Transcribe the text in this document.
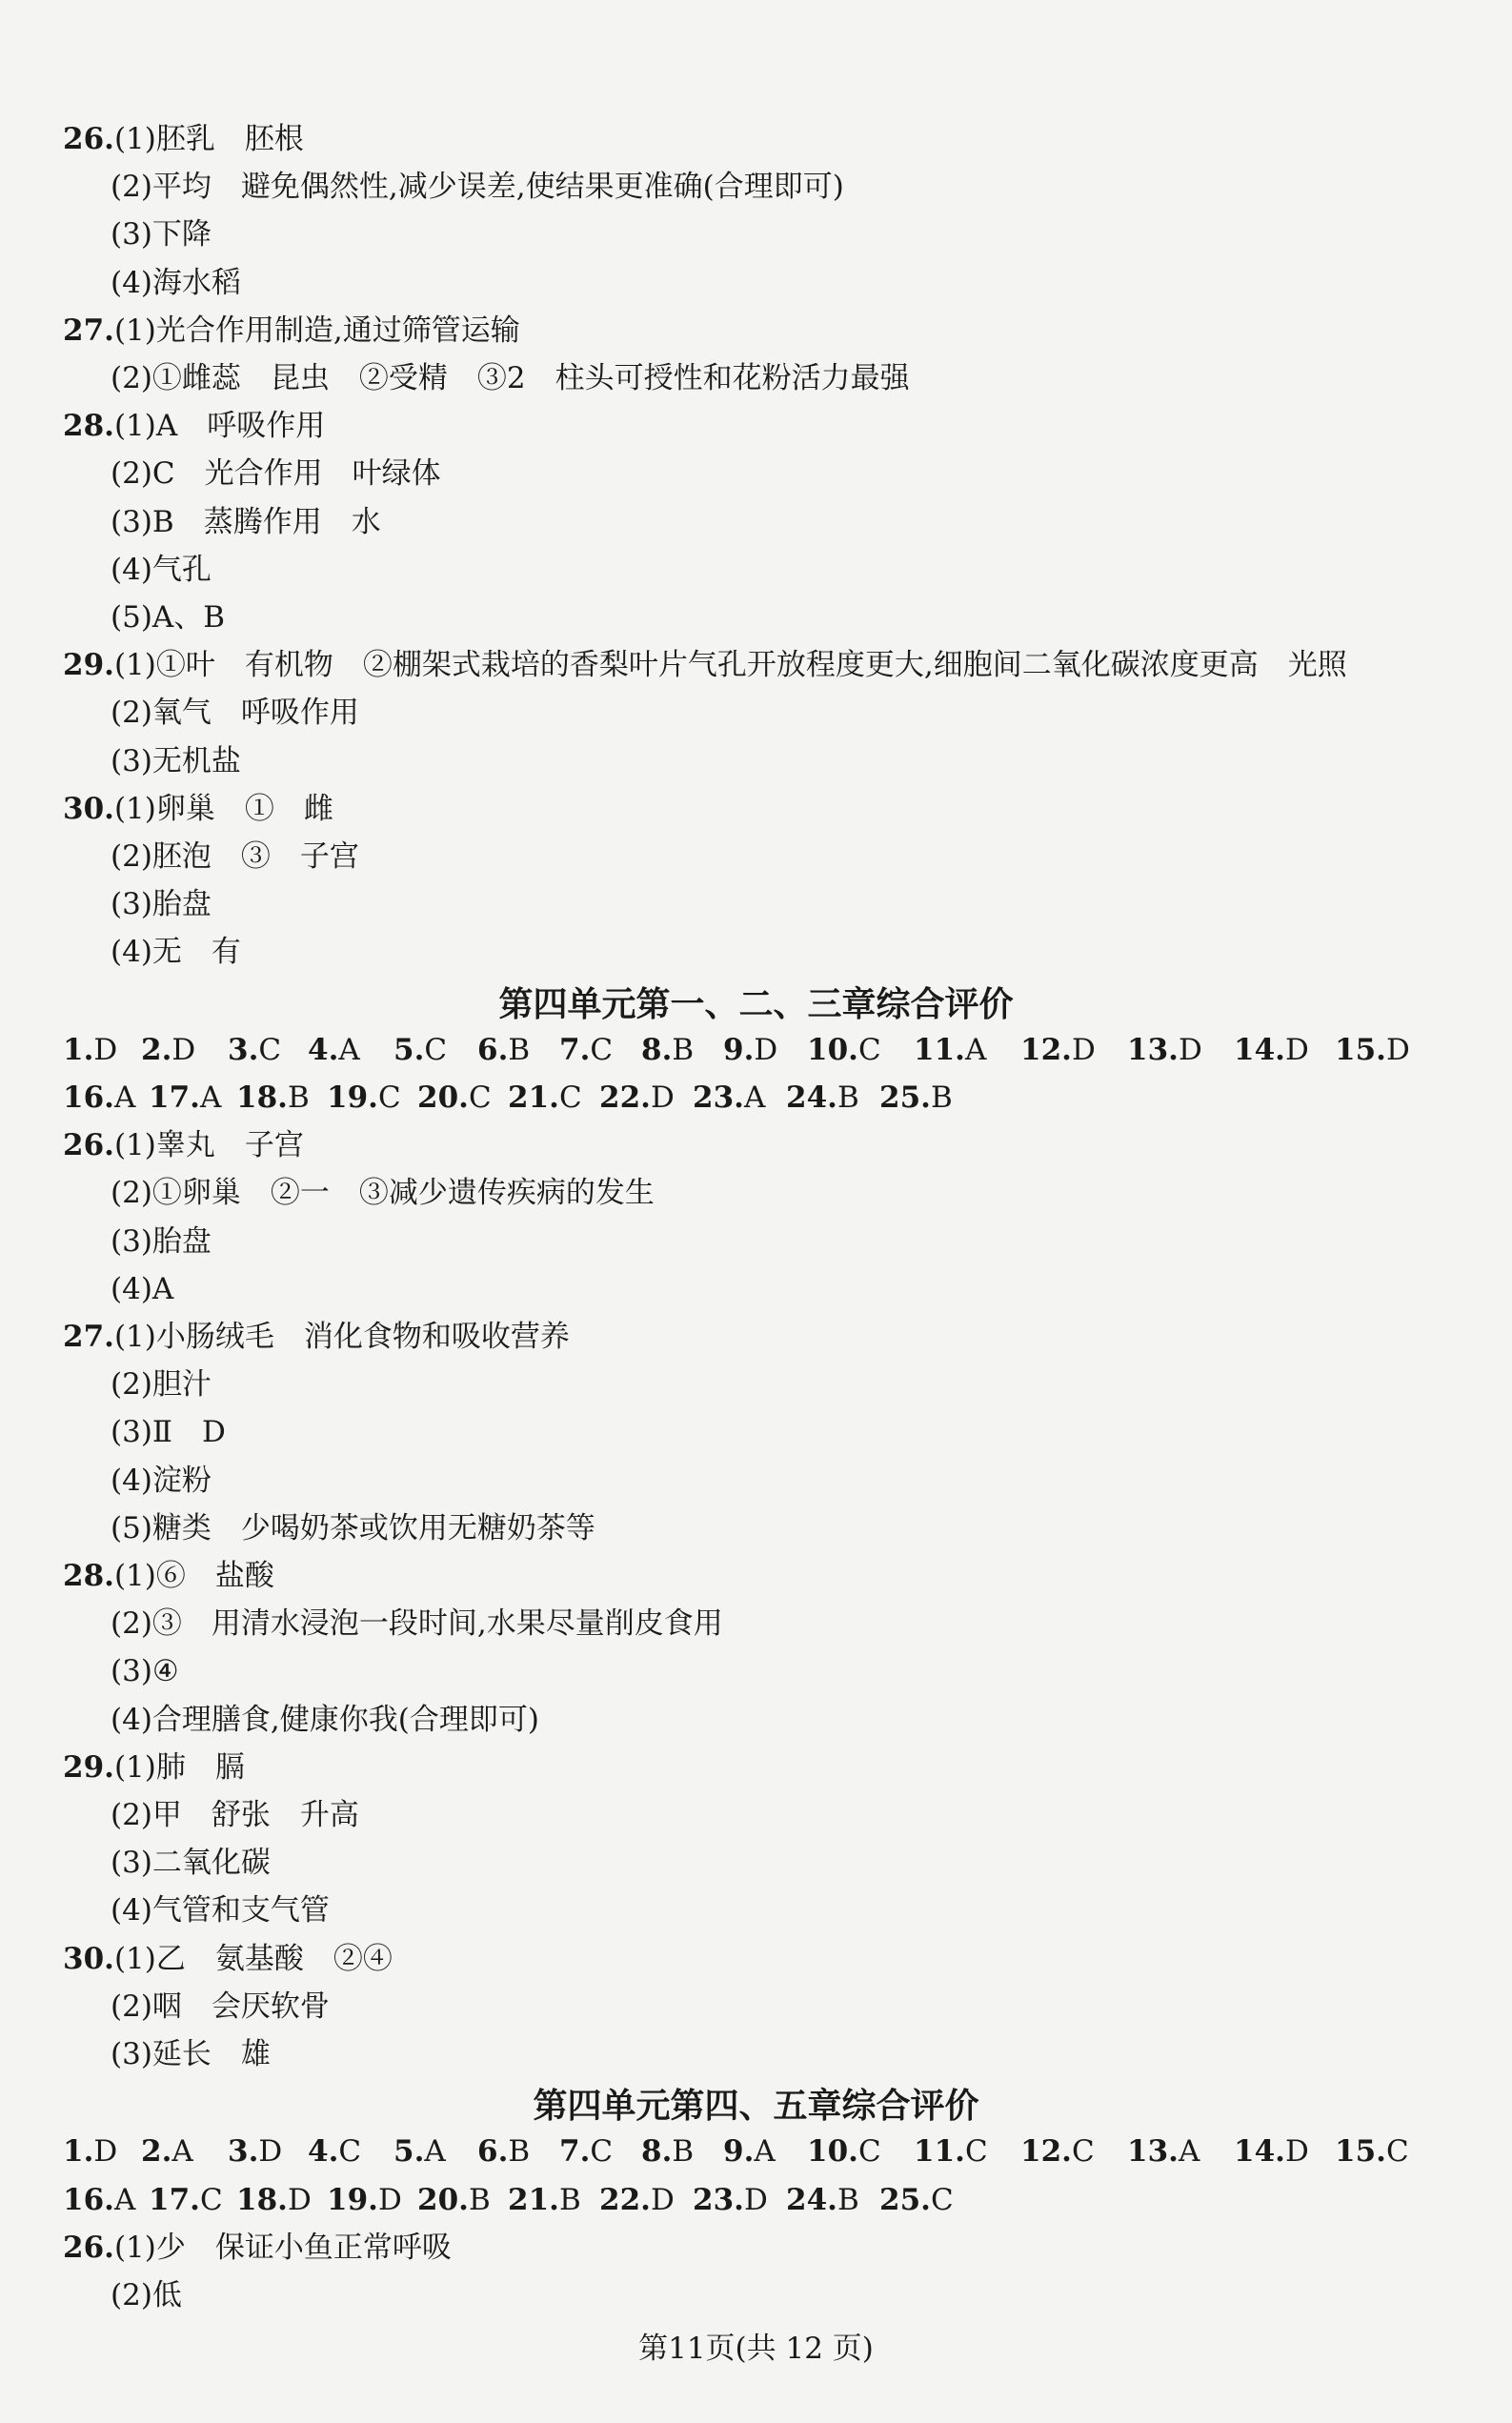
26.(1)胚乳　胚根
(2)平均　避免偶然性,减少误差,使结果更准确(合理即可)
(3)下降
(4)海水稻
27.(1)光合作用制造,通过筛管运输
(2)①雌蕊　昆虫　②受精　③2　柱头可授性和花粉活力最强
28.(1)A　呼吸作用
(2)C　光合作用　叶绿体
(3)B　蒸腾作用　水
(4)气孔
(5)A、B
29.(1)①叶　有机物　②棚架式栽培的香梨叶片气孔开放程度更大,细胞间二氧化碳浓度更高　光照
(2)氧气　呼吸作用
(3)无机盐
30.(1)卵巢　①　雌
(2)胚泡　③　子宫
(3)胎盘
(4)无　有
第四单元第一、二、三章综合评价
1.D 2.D 3.C 4.A 5.C 6.B 7.C 8.B 9.D 10.C 11.A 12.D 13.D 14.D 15.D
16.A 17.A 18.B 19.C 20.C 21.C 22.D 23.A 24.B 25.B
26.(1)睾丸　子宫
(2)①卵巢　②一　③减少遗传疾病的发生
(3)胎盘
(4)A
27.(1)小肠绒毛　消化食物和吸收营养
(2)胆汁
(3)Ⅱ　D
(4)淀粉
(5)糖类　少喝奶茶或饮用无糖奶茶等
28.(1)⑥　盐酸
(2)③　用清水浸泡一段时间,水果尽量削皮食用
(3)④
(4)合理膳食,健康你我(合理即可)
29.(1)肺　膈
(2)甲　舒张　升高
(3)二氧化碳
(4)气管和支气管
30.(1)乙　氨基酸　②④
(2)咽　会厌软骨
(3)延长　雄
第四单元第四、五章综合评价
1.D 2.A 3.D 4.C 5.A 6.B 7.C 8.B 9.A 10.C 11.C 12.C 13.A 14.D 15.C
16.A 17.C 18.D 19.D 20.B 21.B 22.D 23.D 24.B 25.C
26.(1)少　保证小鱼正常呼吸
(2)低
第11页(共 12 页)
